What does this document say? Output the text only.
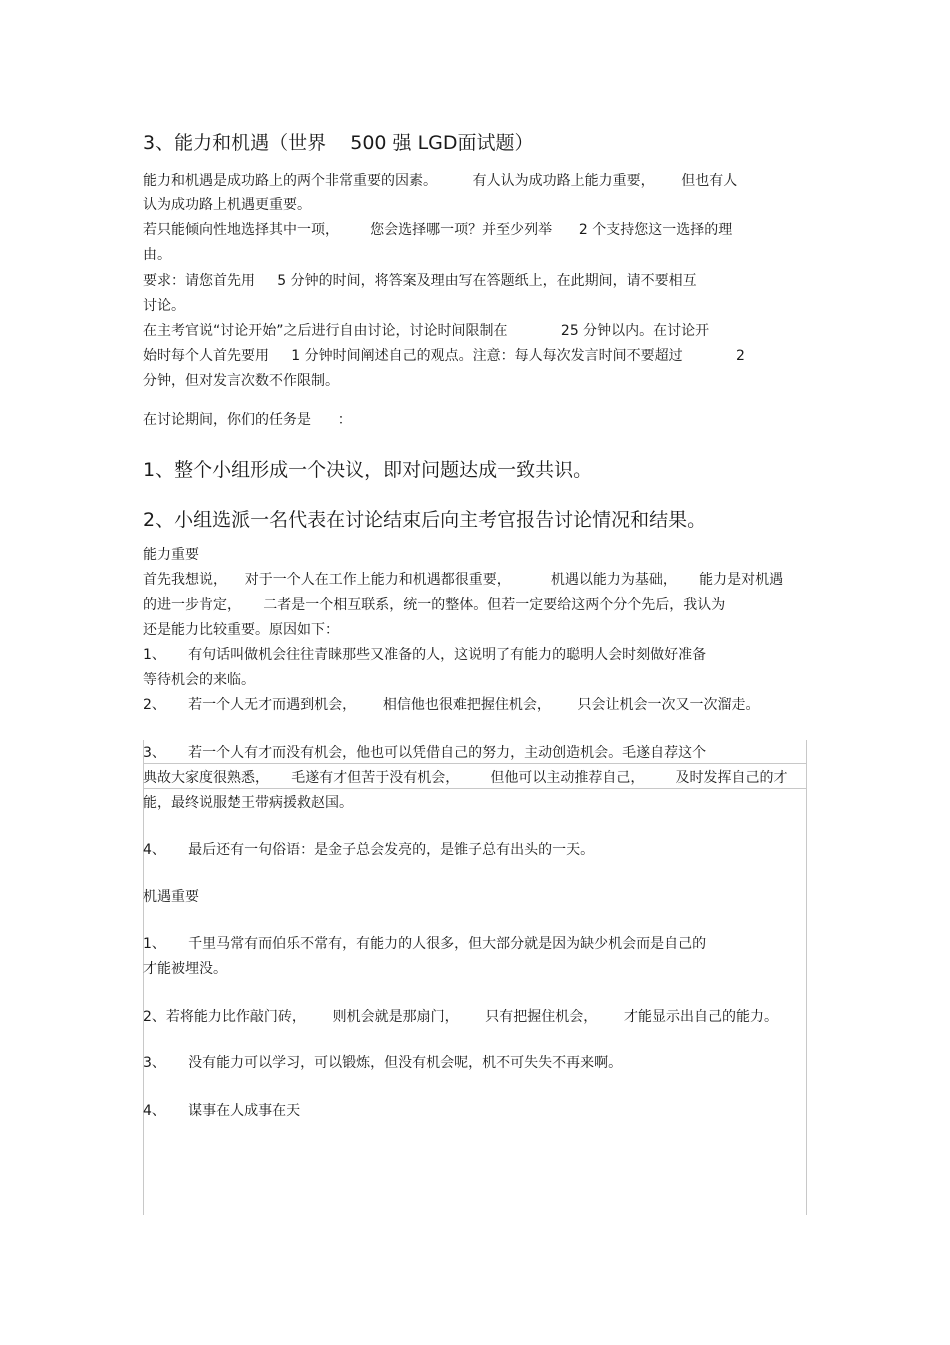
3、能力和机遇（世界    500 强 LGD面试题）
能力和机遇是成功路上的两个非常重要的因素。        有人认为成功路上能力重要，      但也有人
认为成功路上机遇更重要。
若只能倾向性地选择其中一项，       您会选择哪一项？并至少列举      2 个支持您这一选择的理
由。
要求：请您首先用     5 分钟的时间，将答案及理由写在答题纸上，在此期间，请不要相互
讨论。
在主考官说“讨论开始”之后进行自由讨论，讨论时间限制在            25 分钟以内。在讨论开
始时每个人首先要用     1 分钟时间阐述自己的观点。注意：每人每次发言时间不要超过            2
分钟，但对发言次数不作限制。
在讨论期间，你们的任务是      ：
1、整个小组形成一个决议，即对问题达成一致共识。
2、小组选派一名代表在讨论结束后向主考官报告讨论情况和结果。
能力重要
首先我想说，    对于一个人在工作上能力和机遇都很重要，         机遇以能力为基础，     能力是对机遇
的进一步肯定，     二者是一个相互联系，统一的整体。但若一定要给这两个分个先后，我认为
还是能力比较重要。原因如下：
1、     有句话叫做机会往往青睐那些又准备的人，这说明了有能力的聪明人会时刻做好准备
等待机会的来临。
2、     若一个人无才而遇到机会，      相信他也很难把握住机会，      只会让机会一次又一次溜走。
3、     若一个人有才而没有机会，他也可以凭借自己的努力，主动创造机会。毛遂自荐这个
典故大家度很熟悉，     毛遂有才但苦于没有机会，       但他可以主动推荐自己，       及时发挥自己的才
能，最终说服楚王带病援救赵国。
4、     最后还有一句俗语：是金子总会发亮的，是锥子总有出头的一天。
机遇重要
1、     千里马常有而伯乐不常有，有能力的人很多，但大部分就是因为缺少机会而是自己的
才能被埋没。
2、若将能力比作敲门砖，      则机会就是那扇门，      只有把握住机会，      才能显示出自己的能力。
3、     没有能力可以学习，可以锻炼，但没有机会呢，机不可失失不再来啊。
4、     谋事在人成事在天
